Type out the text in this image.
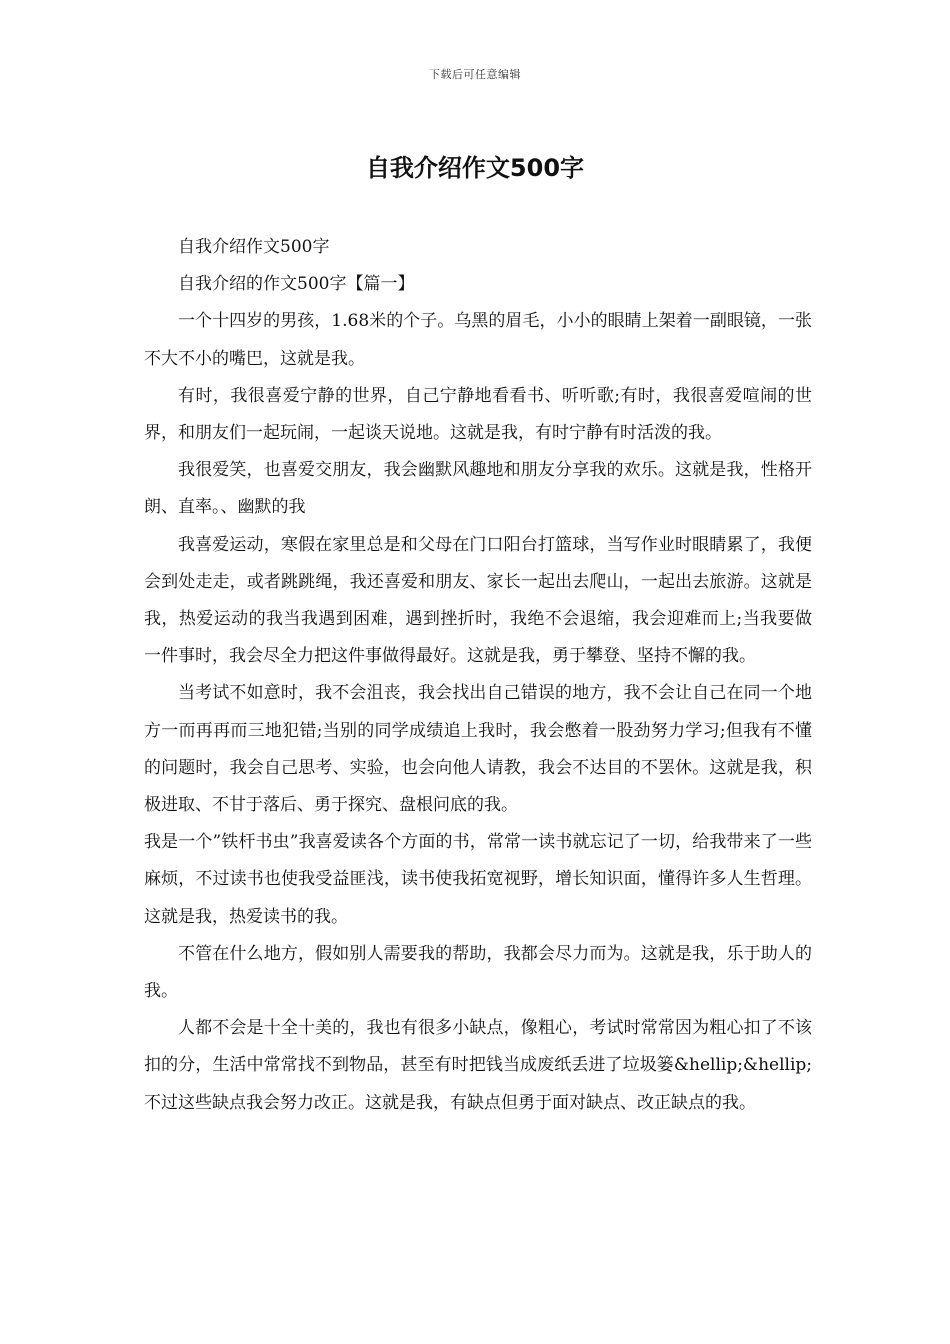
下载后可任意编辑
自我介绍作文500字

自我介绍作文500字

自我介绍的作文500字【篇一】

一个十四岁的男孩，1.68米的个子。乌黑的眉毛，小小的眼睛上架着一副眼镜，一张不大不小的嘴巴，这就是我。

有时，我很喜爱宁静的世界，自己宁静地看看书、听听歌;有时，我很喜爱喧闹的世界，和朋友们一起玩闹，一起谈天说地。这就是我，有时宁静有时活泼的我。

我很爱笑，也喜爱交朋友，我会幽默风趣地和朋友分享我的欢乐。这就是我，性格开朗、直率。、幽默的我

我喜爱运动，寒假在家里总是和父母在门口阳台打篮球，当写作业时眼睛累了，我便会到处走走，或者跳跳绳，我还喜爱和朋友、家长一起出去爬山，一起出去旅游。这就是我，热爱运动的我当我遇到困难，遇到挫折时，我绝不会退缩，我会迎难而上;当我要做一件事时，我会尽全力把这件事做得最好。这就是我，勇于攀登、坚持不懈的我。

当考试不如意时，我不会沮丧，我会找出自己错误的地方，我不会让自己在同一个地方一而再再而三地犯错;当别的同学成绩追上我时，我会憋着一股劲努力学习;但我有不懂的问题时，我会自己思考、实验，也会向他人请教，我会不达目的不罢休。这就是我，积极进取、不甘于落后、勇于探究、盘根问底的我。

我是一个”铁杆书虫”我喜爱读各个方面的书，常常一读书就忘记了一切，给我带来了一些麻烦，不过读书也使我受益匪浅，读书使我拓宽视野，增长知识面，懂得许多人生哲理。这就是我，热爱读书的我。

不管在什么地方，假如别人需要我的帮助，我都会尽力而为。这就是我，乐于助人的我。

人都不会是十全十美的，我也有很多小缺点，像粗心，考试时常常因为粗心扣了不该扣的分，生活中常常找不到物品，甚至有时把钱当成废纸丢进了垃圾篓&hellip;&hellip;不过这些缺点我会努力改正。这就是我，有缺点但勇于面对缺点、改正缺点的我。
